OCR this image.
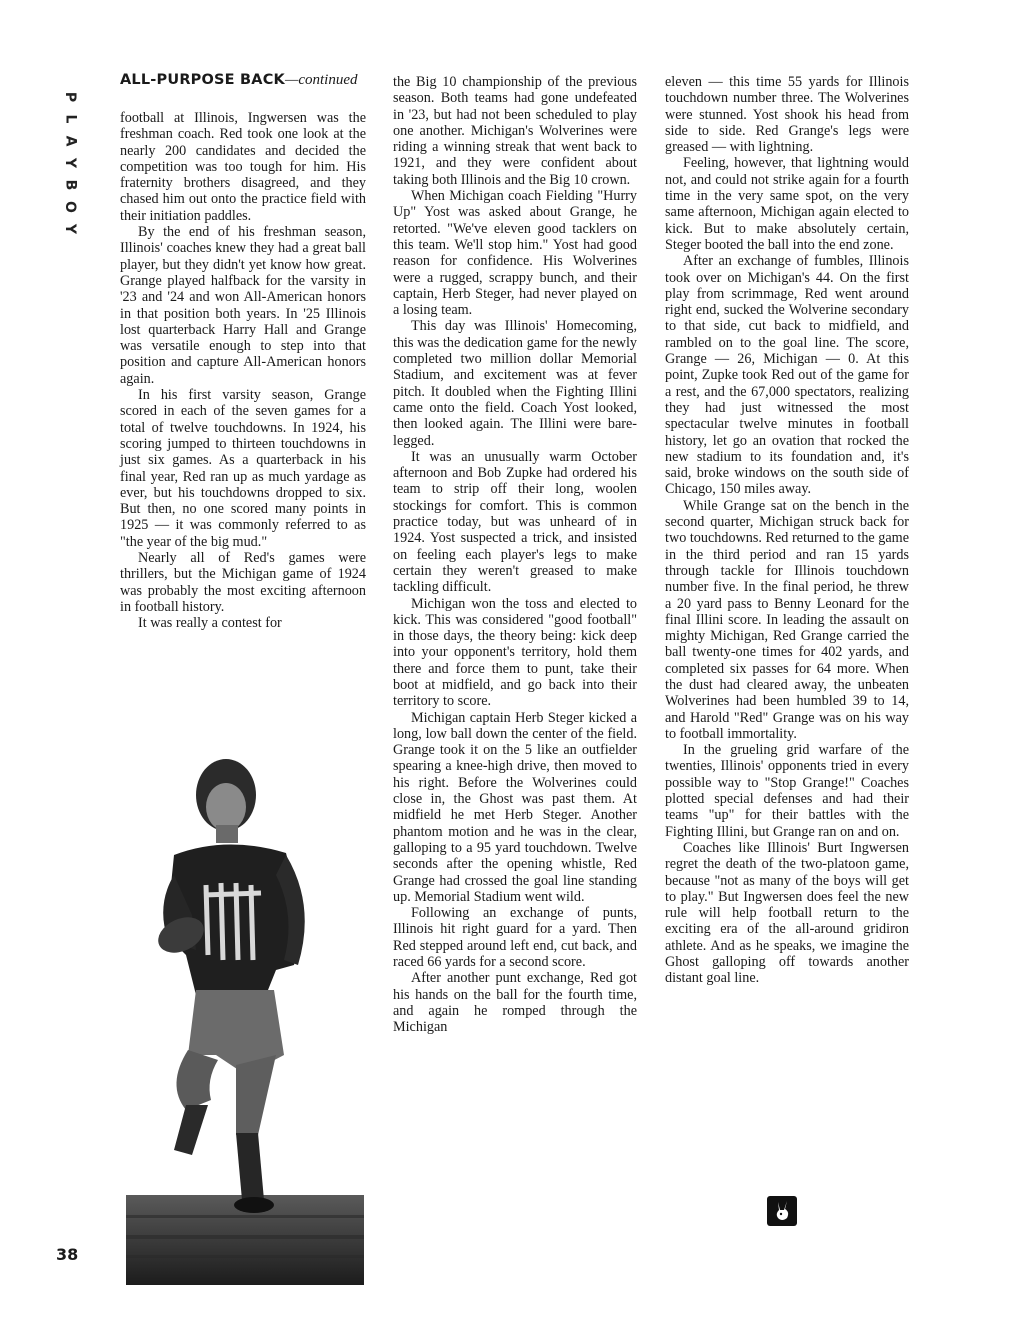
P
L
A
Y
B
O
Y
ALL-PURPOSE BACK—continued

football at Illinois, Ingwersen was the freshman coach. Red took one look at the nearly 200 candidates and decided the competition was too tough for him. His fraternity brothers disagreed, and they chased him out onto the practice field with their initiation paddles.

By the end of his freshman season, Illinois' coaches knew they had a great ball player, but they didn't yet know how great. Grange played halfback for the varsity in '23 and '24 and won All-American honors in that position both years. In '25 Illinois lost quarterback Harry Hall and Grange was versatile enough to step into that position and capture All-American honors again.

In his first varsity season, Grange scored in each of the seven games for a total of twelve touchdowns. In 1924, his scoring jumped to thirteen touchdowns in just six games. As a quarterback in his final year, Red ran up as much yardage as ever, but his touchdowns dropped to six. But then, no one scored many points in 1925 — it was commonly referred to as "the year of the big mud."

Nearly all of Red's games were thrillers, but the Michigan game of 1924 was probably the most exciting afternoon in football history.

It was really a contest for

the Big 10 championship of the previous season. Both teams had gone undefeated in '23, but had not been scheduled to play one another. Michigan's Wolverines were riding a winning streak that went back to 1921, and they were confident about taking both Illinois and the Big 10 crown.

When Michigan coach Fielding "Hurry Up" Yost was asked about Grange, he retorted. "We've eleven good tacklers on this team. We'll stop him." Yost had good reason for confidence. His Wolverines were a rugged, scrappy bunch, and their captain, Herb Steger, had never played on a losing team.

This day was Illinois' Homecoming, this was the dedication game for the newly completed two million dollar Memorial Stadium, and excitement was at fever pitch. It doubled when the Fighting Illini came onto the field. Coach Yost looked, then looked again. The Illini were bare-legged.

It was an unusually warm October afternoon and Bob Zupke had ordered his team to strip off their long, woolen stockings for comfort. This is common practice today, but was unheard of in 1924. Yost suspected a trick, and insisted on feeling each player's legs to make certain they weren't greased to make tackling difficult.

Michigan won the toss and elected to kick. This was considered "good football" in those days, the theory being: kick deep into your opponent's territory, hold them there and force them to punt, take their boot at midfield, and go back into their territory to score.

Michigan captain Herb Steger kicked a long, low ball down the center of the field. Grange took it on the 5 like an outfielder spearing a knee-high drive, then moved to his right. Before the Wolverines could close in, the Ghost was past them. At midfield he met Herb Steger. Another phantom motion and he was in the clear, galloping to a 95 yard touchdown. Twelve seconds after the opening whistle, Red Grange had crossed the goal line standing up. Memorial Stadium went wild.

Following an exchange of punts, Illinois hit right guard for a yard. Then Red stepped around left end, cut back, and raced 66 yards for a second score.

After another punt exchange, Red got his hands on the ball for the fourth time, and again he romped through the Michigan

eleven — this time 55 yards for Illinois touchdown number three. The Wolverines were stunned. Yost shook his head from side to side. Red Grange's legs were greased — with lightning.

Feeling, however, that lightning would not, and could not strike again for a fourth time in the very same spot, on the very same afternoon, Michigan again elected to kick. But to make absolutely certain, Steger booted the ball into the end zone.

After an exchange of fumbles, Illinois took over on Michigan's 44. On the first play from scrimmage, Red went around right end, sucked the Wolverine secondary to that side, cut back to midfield, and rambled on to the goal line. The score, Grange — 26, Michigan — 0. At this point, Zupke took Red out of the game for a rest, and the 67,000 spectators, realizing they had just witnessed the most spectacular twelve minutes in football history, let go an ovation that rocked the new stadium to its foundation and, it's said, broke windows on the south side of Chicago, 150 miles away.

While Grange sat on the bench in the second quarter, Michigan struck back for two touchdowns. Red returned to the game in the third period and ran 15 yards through tackle for Illinois touchdown number five. In the final period, he threw a 20 yard pass to Benny Leonard for the final Illini score. In leading the assault on mighty Michigan, Red Grange carried the ball twenty-one times for 402 yards, and completed six passes for 64 more. When the dust had cleared away, the unbeaten Wolverines had been humbled 39 to 14, and Harold "Red" Grange was on his way to football immortality.

In the grueling grid warfare of the twenties, Illinois' opponents tried in every possible way to "Stop Grange!" Coaches plotted special defenses and had their teams "up" for their battles with the Fighting Illini, but Grange ran on and on.

Coaches like Illinois' Burt Ingwersen regret the death of the two-platoon game, because "not as many of the boys will get to play." But Ingwersen does feel the new rule will help football return to the exciting era of the all-around gridiron athlete. And as he speaks, we imagine the Ghost galloping off towards another distant goal line.

38
